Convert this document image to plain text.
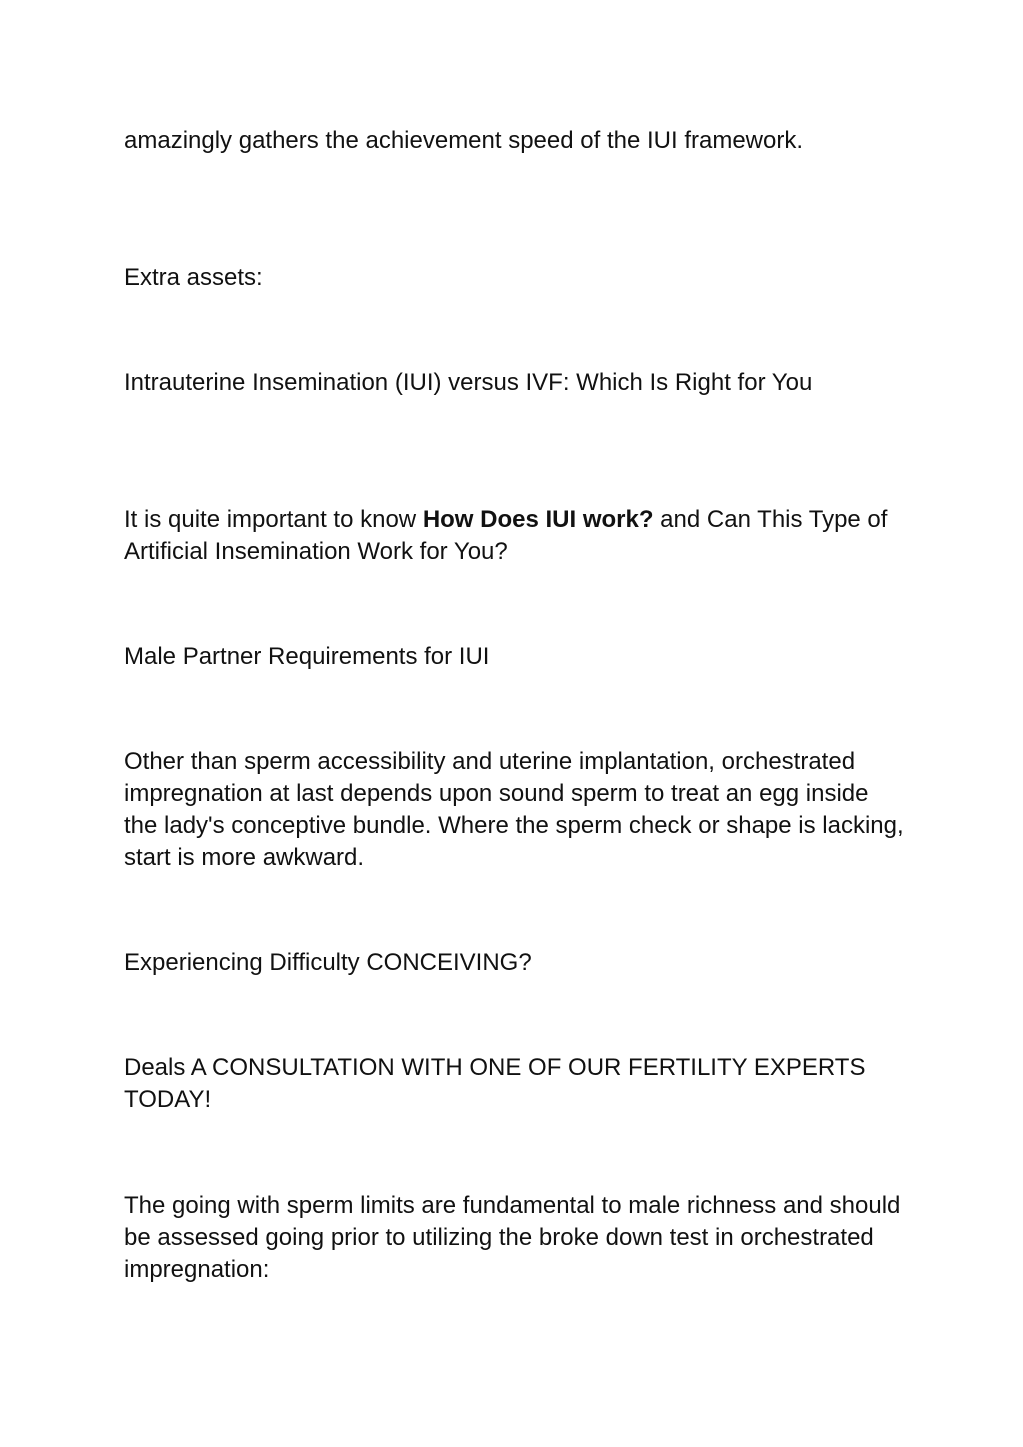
amazingly gathers the achievement speed of the IUI framework.

Extra assets:

Intrauterine Insemination (IUI) versus IVF: Which Is Right for You

It is quite important to know How Does IUI work? and Can This Type of Artificial Insemination Work for You?

Male Partner Requirements for IUI

Other than sperm accessibility and uterine implantation, orchestrated impregnation at last depends upon sound sperm to treat an egg inside the lady's conceptive bundle. Where the sperm check or shape is lacking, start is more awkward.

Experiencing Difficulty CONCEIVING?

Deals A CONSULTATION WITH ONE OF OUR FERTILITY EXPERTS TODAY!

The going with sperm limits are fundamental to male richness and should be assessed going prior to utilizing the broke down test in orchestrated impregnation:
